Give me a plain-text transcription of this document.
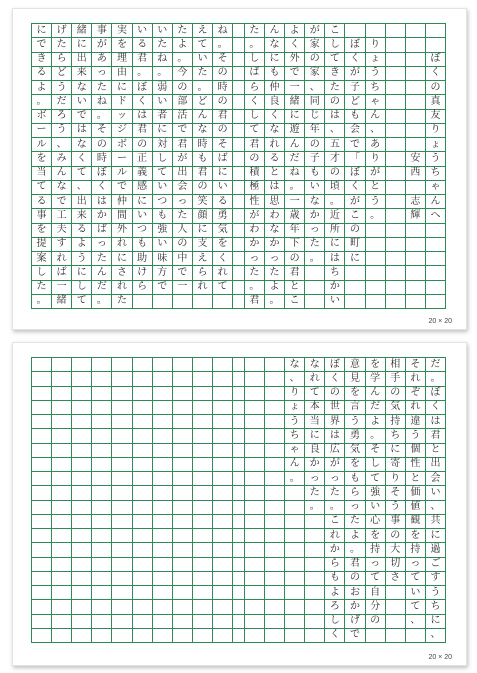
ぼ
く
の
真
友
り
ょ
う
ち
ゃ
ん
へ

安
西

志
輝

り
ょ
う
ち
ゃ
ん
、
あ
り
が
と
う
。

ぼ
く
が
子
ど
も
会
で
「
ぼ
く
が
こ
の
町
に
こ
し
て
き
た
の
は
、
五
才
の
頃
。
近
所
に
は
ち
か
い
が
家
の
家
、
同
じ
年
の
子
も
い
な
か
っ
た
。
よ
く
外
で
一
緒
に
遊
ん
だ
ね
。
一
歳
年
下
の
君
と
こ
ん
な
に
も
仲
良
く
な
れ
る
と
は
思
わ
な
か
っ
た
よ
。
た
。
し
ば
ら
く
し
て
君
の
積
極
性
が
わ
か
っ
た
。
君
ね
。
そ
の
時
の
君
の
そ
ば
に
い
る
勇
気
を
く
れ
て
え
て
い
た
。
ど
ん
な
時
も
君
の
笑
顔
に
支
え
ら
れ
た
よ
。
今
の
部
活
で
君
が
出
会
っ
た
人
の
中
で
一
い
た
ね
。
弱
い
者
に
対
し
て
い
つ
も
強
い
味
方
で
い
る
君
。
ぼ
く
は
君
の
正
義
感
に
い
つ
も
助
け
ら
実
を
理
由
に
ド
ッ
ジ
ボ
ー
ル
で
仲
間
外
れ
に
さ
れ
た
事
が
あ
っ
た
ね
。
そ
の
時
ぼ
く
は
か
ば
っ
た
ん
だ
。
緒
に
出
来
な
い
で
は
な
く
て
、
出
来
る
よ
う
に
し
て
げ
た
ら
ど
う
だ
ろ
う
、
み
ん
な
で
工
夫
す
れ
ば
一
緒
に
で
き
る
よ
。
ボ
ー
ル
を
当
て
る
事
を
提
案
し
た
。
20 × 20
だ
。
ぼ
く
は
君
と
出
会
い
、
共
に
過
ご
す
う
ち
に
、
そ
れ
ぞ
れ
違
う
個
性
と
価
値
観
を
持
っ
て
い
て
、
相
手
の
気
持
ち
に
寄
り
そ
う
事
の
大
切
さ
を
学
ん
だ
よ
。
そ
し
て
強
い
心
を
持
っ
て
自
分
の
意
見
を
言
う
勇
気
を
も
ら
っ
た
よ
。
君
の
お
か
げ
で
ぼ
く
の
世
界
は
広
が
っ
た
。
こ
れ
か
ら
も
よ
ろ
し
く
な
れ
て
本
当
に
良
か
っ
た
。
な
、
り
ょ
う
ち
ゃ
ん
。
20 × 20
